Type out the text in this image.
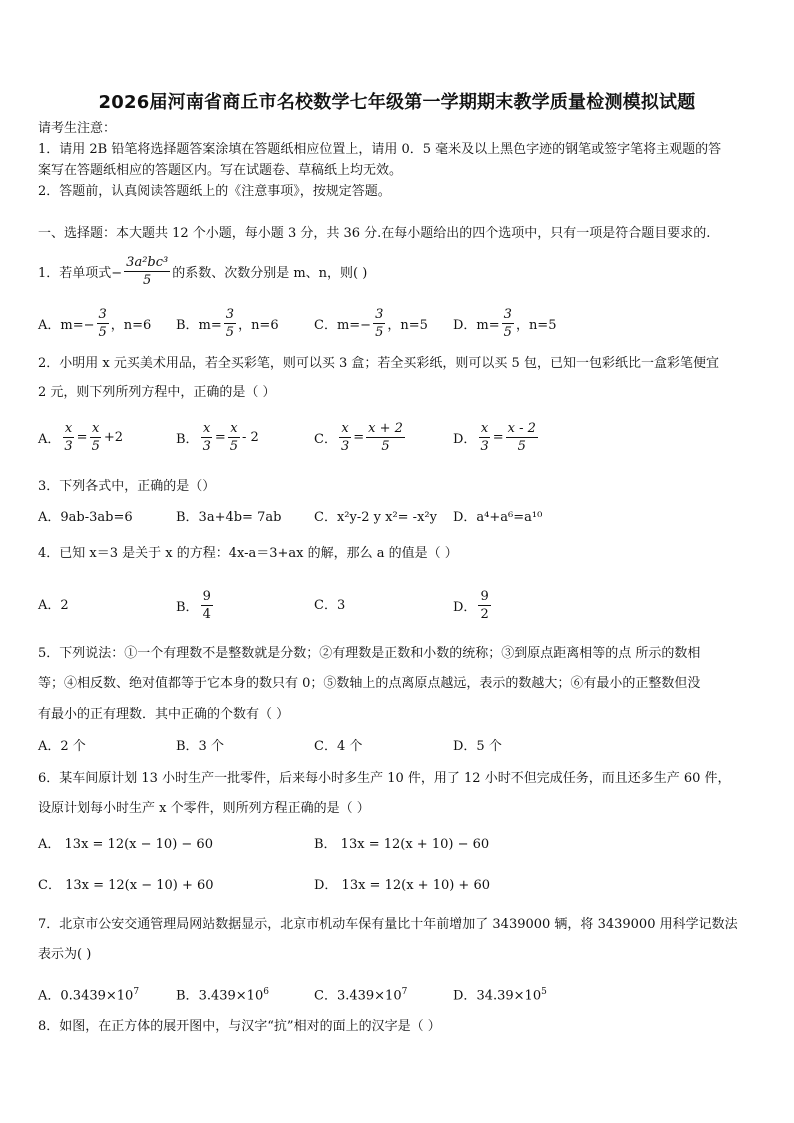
2026届河南省商丘市名校数学七年级第一学期期末教学质量检测模拟试题
请考生注意：
1．请用 2B 铅笔将选择题答案涂填在答题纸相应位置上，请用 0．5 毫米及以上黑色字迹的钢笔或签字笔将主观题的答
案写在答题纸相应的答题区内。写在试题卷、草稿纸上均无效。
2．答题前，认真阅读答题纸上的《注意事项》，按规定答题。
一、选择题：本大题共 12 个小题，每小题 3 分，共 36 分.在每小题给出的四个选项中，只有一项是符合题目要求的.
1．若单项式− $\frac{\text{3a²bc³}}{5}$ 的系数、次数分别是 m、n，则( )
A．$m=- \frac{3}{5}$ ，n=6 B．$m= \frac{3}{5}$ ，n=6	C．$m=- \frac{3}{5}$ ，n=5 D．$m= \frac{3}{5}$ ，n=5
2．小明用 x 元买美术用品，若全买彩笔，则可以买 3 盒；若全买彩纸，则可以买 5 包，已知一包彩纸比一盒彩笔便宜
2 元，则下列所列方程中，正确的是（ ）
A． $\frac{x}{3} = \frac{x}{5} +2$	B． $\frac{x}{3} = \frac{x}{5} - 2$	C． $\frac{x}{3} = \frac{x + 2}{5}$	D． $\frac{x}{3} = \frac{x - 2}{5}$
3．下列各式中，正确的是（）
A．9ab-3ab=6	B．3a+4b= 7ab	C．x²y-2 y x²= -x²y D．a⁴+a⁶=a¹⁰
4．已知 x＝3 是关于 x 的方程：4x-a＝3+ax 的解，那么 a 的值是（ ）
A．2	B． $\frac{9}{4}$	C．3	D． $\frac{9}{2}$
5．下列说法：①一个有理数不是整数就是分数；②有理数是正数和小数的统称；③到原点距离相等的点 所示的数相
等；④相反数、绝对值都等于它本身的数只有 0；⑤数轴上的点离原点越远，表示的数越大；⑥有最小的正整数但没
有最小的正有理数．其中正确的个数有（ ）
A．2 个	B．3 个	C．4 个	D．5 个
6．某车间原计划 13 小时生产一批零件，后来每小时多生产 10 件，用了 12 小时不但完成任务，而且还多生产 60 件，
设原计划每小时生产 x 个零件，则所列方程正确的是（ ）
A． 13x = 12(x − 10) − 60	B． 13x = 12(x + 10) − 60
C． 13x = 12(x − 10) + 60	D． 13x = 12(x + 10) + 60
7．北京市公安交通管理局网站数据显示，北京市机动车保有量比十年前增加了 3439000 辆，将 3439000 用科学记数法
表示为( )
A．$0.3439\times 10^7$	B．$3.439\times 10^6$	C．$3.439\times 10^7$	D．$34.39\times 10^5$
8．如图，在正方体的展开图中，与汉字“抗”相对的面上的汉字是（ ）
